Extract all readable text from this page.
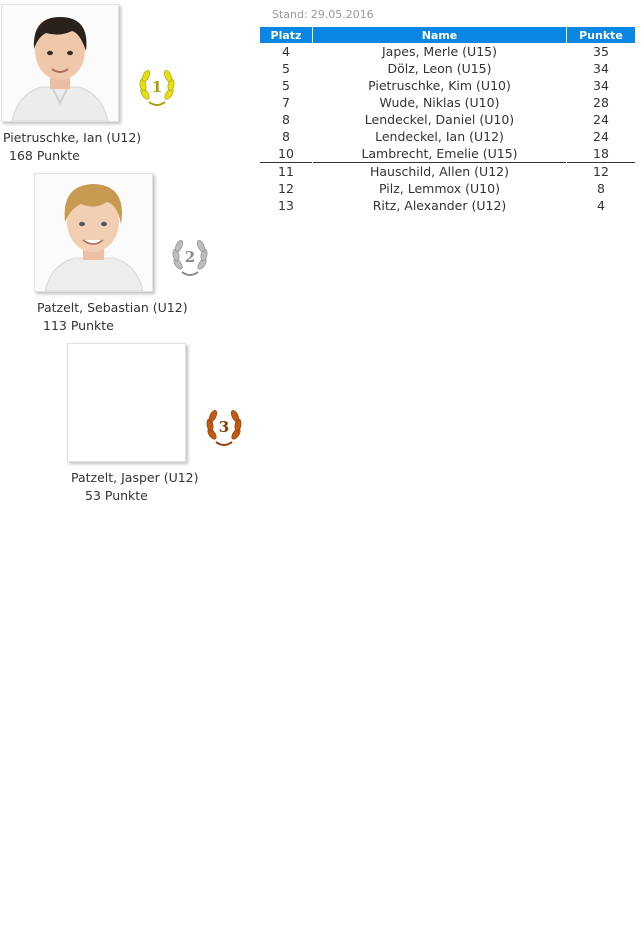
1
Pietruschke, Ian (U12)
168 Punkte
2
Patzelt, Sebastian (U12)
113 Punkte
3
Patzelt, Jasper (U12)
53 Punkte
Stand: 29.05.2016
Platz	Name	Punkte
4	Japes, Merle (U15)	35
5	Dölz, Leon (U15)	34
5	Pietruschke, Kim (U10)	34
7	Wude, Niklas (U10)	28
8	Lendeckel, Daniel (U10)	24
8	Lendeckel, Ian (U12)	24
10	Lambrecht, Emelie (U15)	18
11	Hauschild, Allen (U12)	12
12	Pilz, Lemmox (U10)	8
13	Ritz, Alexander (U12)	4
